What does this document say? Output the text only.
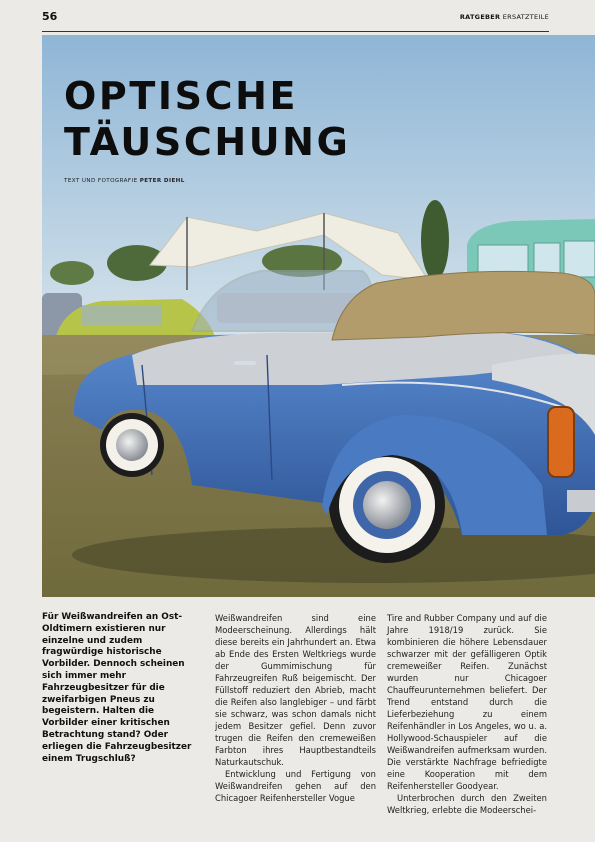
56	RATGEBER ERSATZTEILE
OPTISCHE
TÄUSCHUNG
TEXT UND FOTOGRAFIE PETER DIEHL

Für Weißwandreifen an Ost-Oldtimern existieren nur einzelne und zudem fragwürdige historische Vorbilder. Dennoch scheinen sich immer mehr Fahrzeugbesitzer für die zweifarbigen Pneus zu begeistern. Halten die Vorbilder einer kritischen Betrachtung stand? Oder erliegen die Fahrzeugbesitzer einem Trugschluß?

Weißwandreifen sind eine Modeerscheinung. Allerdings hält diese bereits ein Jahrhundert an. Etwa ab Ende des Ersten Weltkriegs wurde der Gummimischung für Fahrzeugreifen Ruß beigemischt. Der Füllstoff reduziert den Abrieb, macht die Reifen also langlebiger – und färbt sie schwarz, was schon damals nicht jedem Besitzer gefiel. Denn zuvor trugen die Reifen den cremeweißen Farbton ihres Hauptbestandteils Naturkautschuk.

Entwicklung und Fertigung von Weißwandreifen gehen auf den Chicagoer Reifenhersteller Vogue

Tire and Rubber Company und auf die Jahre 1918/19 zurück. Sie kombinieren die höhere Lebensdauer schwarzer mit der gefälligeren Optik cremeweißer Reifen. Zunächst wurden nur Chicagoer Chauffeurunternehmen beliefert. Der Trend entstand durch die Lieferbeziehung zu einem Reifenhändler in Los Angeles, wo u. a. Hollywood-Schauspieler auf die Weißwandreifen aufmerksam wurden. Die verstärkte Nachfrage befriedigte eine Kooperation mit dem Reifenhersteller Goodyear.

Unterbrochen durch den Zweiten Weltkrieg, erlebte die Modeerschei-
